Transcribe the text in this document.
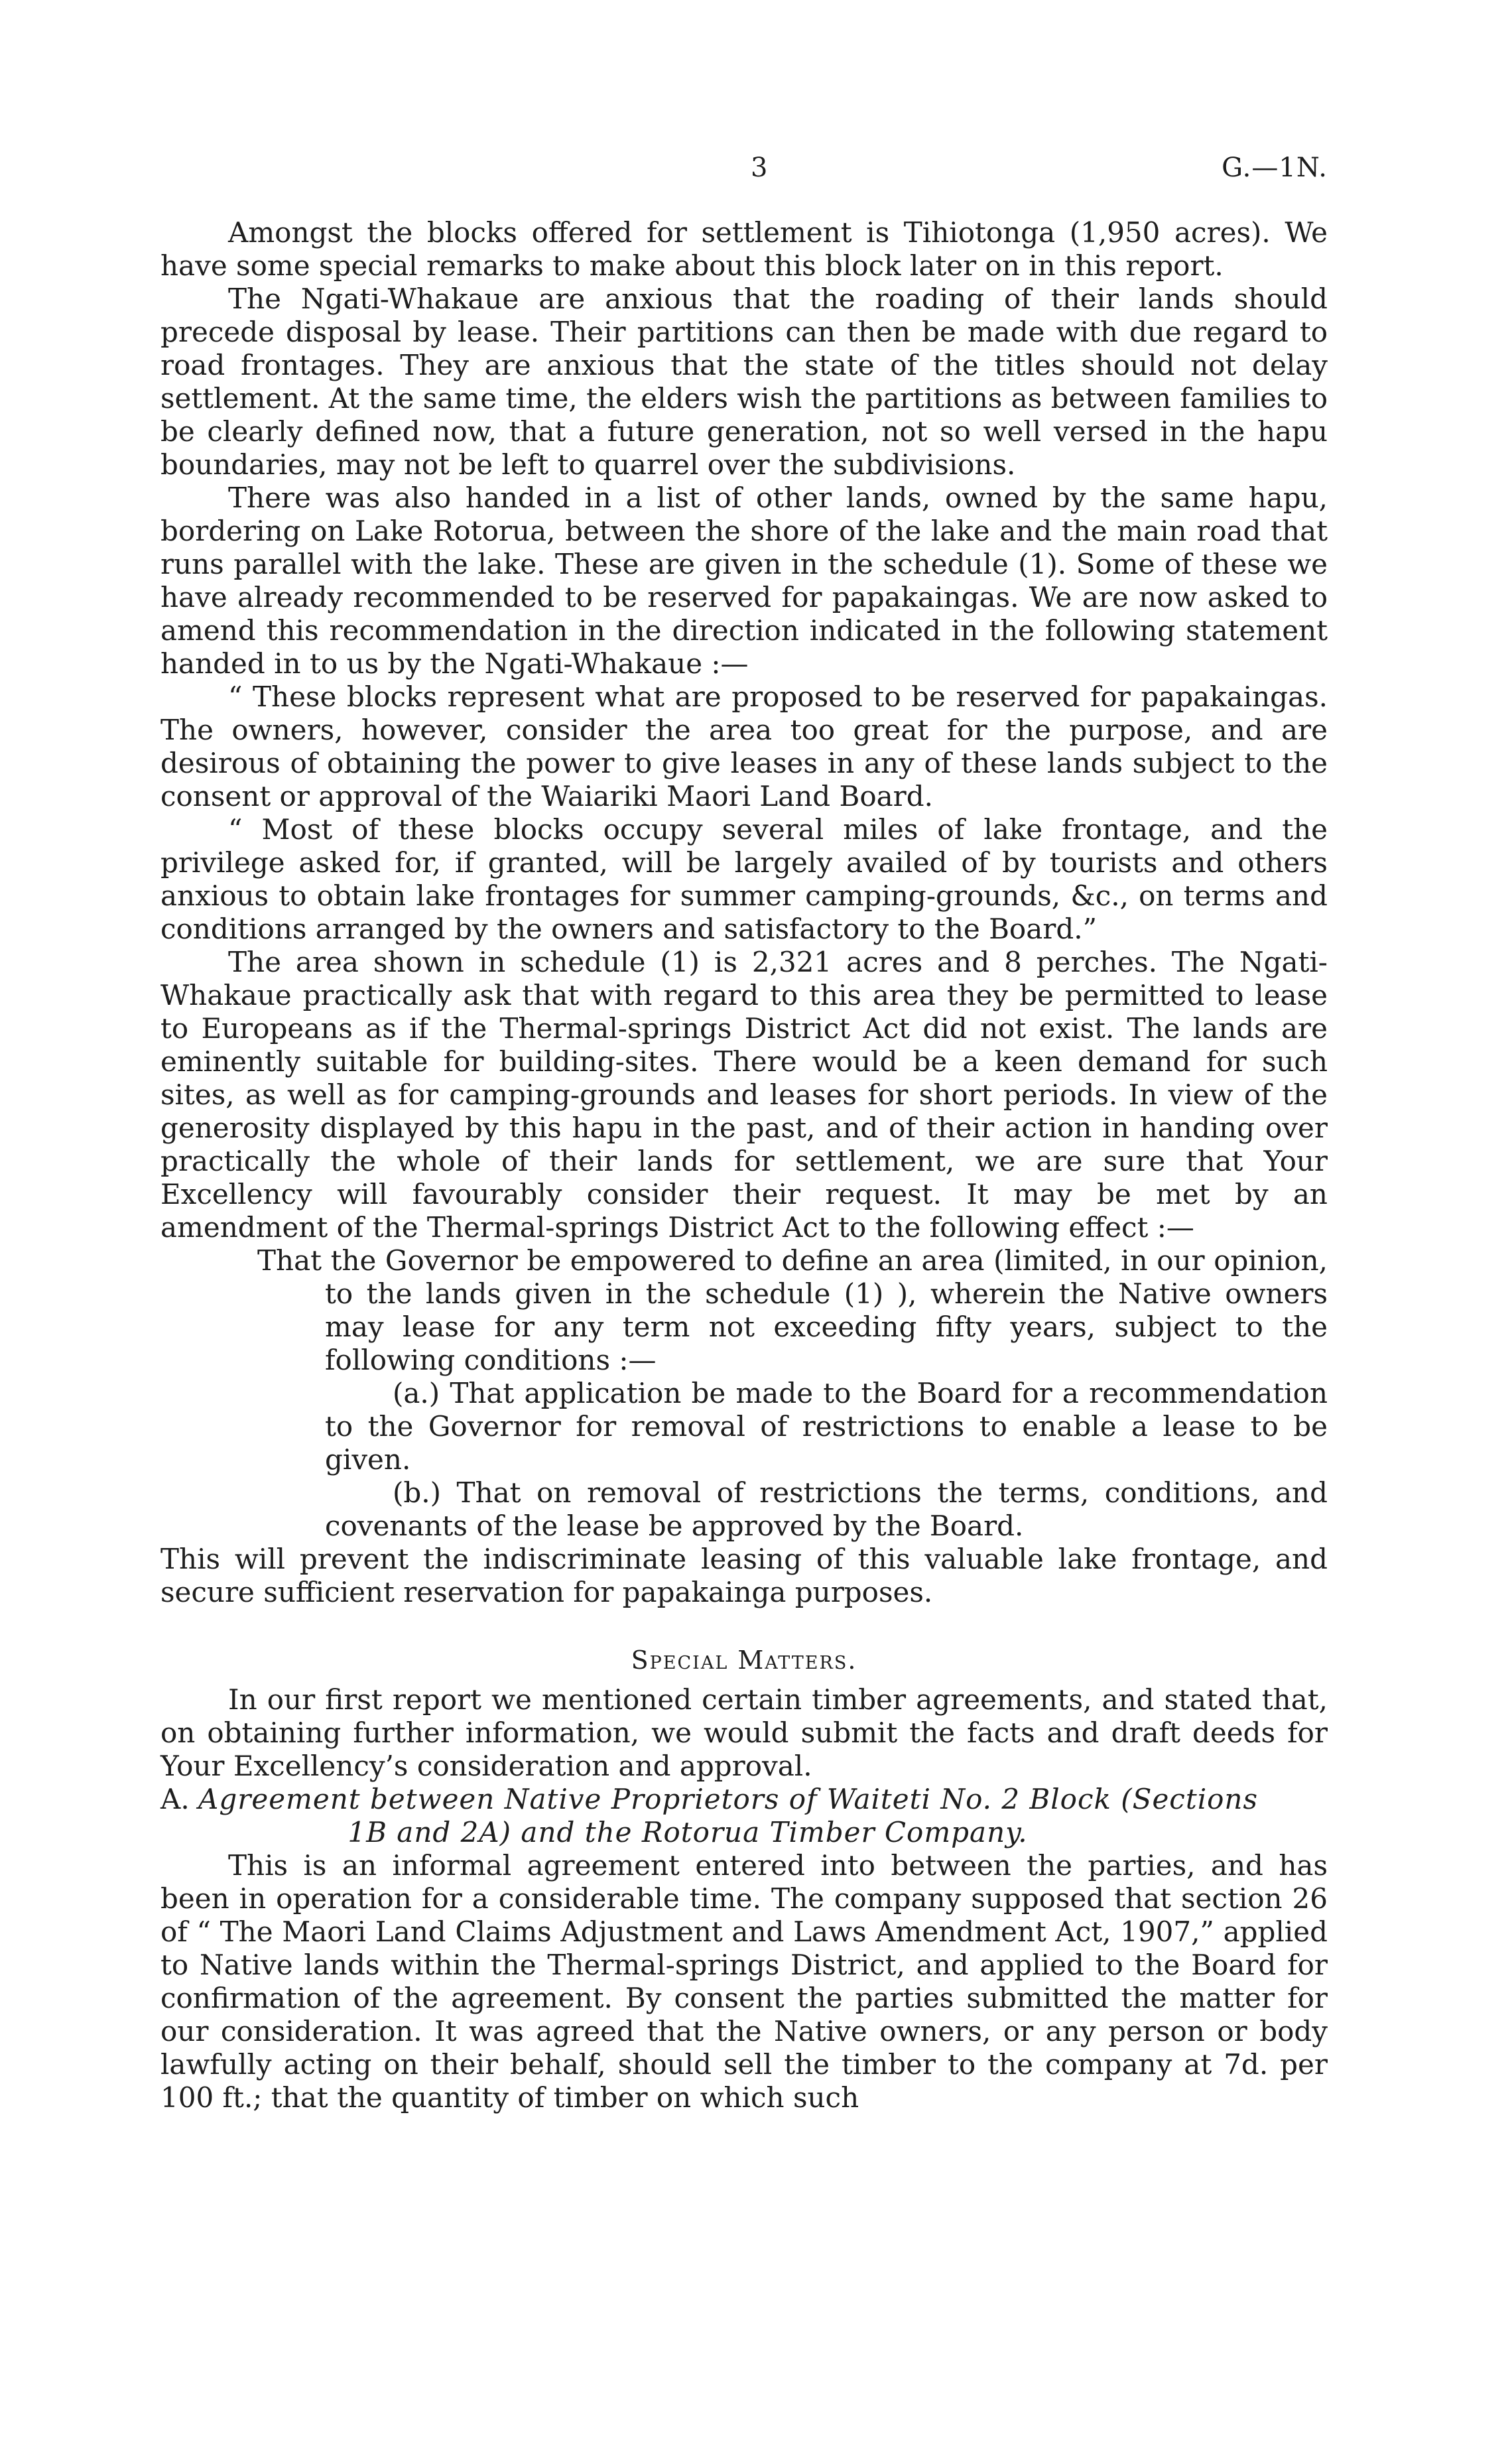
3	G.—1N.

Amongst the blocks offered for settlement is Tihiotonga (1,950 acres). We have some special remarks to make about this block later on in this report.

The Ngati-Whakaue are anxious that the roading of their lands should precede disposal by lease. Their partitions can then be made with due regard to road frontages. They are anxious that the state of the titles should not delay settlement. At the same time, the elders wish the partitions as between families to be clearly defined now, that a future generation, not so well versed in the hapu boundaries, may not be left to quarrel over the subdivisions.

There was also handed in a list of other lands, owned by the same hapu, bordering on Lake Rotorua, between the shore of the lake and the main road that runs parallel with the lake. These are given in the schedule (1). Some of these we have already recommended to be reserved for papakaingas. We are now asked to amend this recommendation in the direction indicated in the following statement handed in to us by the Ngati-Whakaue :—

“ These blocks represent what are proposed to be reserved for papakaingas. The owners, however, consider the area too great for the purpose, and are desirous of obtaining the power to give leases in any of these lands subject to the consent or approval of the Waiariki Maori Land Board.

“ Most of these blocks occupy several miles of lake frontage, and the privilege asked for, if granted, will be largely availed of by tourists and others anxious to obtain lake frontages for summer camping-grounds, &c., on terms and conditions arranged by the owners and satisfactory to the Board.”

The area shown in schedule (1) is 2,321 acres and 8 perches. The Ngati-Whakaue practically ask that with regard to this area they be permitted to lease to Europeans as if the Thermal-springs District Act did not exist. The lands are eminently suitable for building-sites. There would be a keen demand for such sites, as well as for camping-grounds and leases for short periods. In view of the generosity displayed by this hapu in the past, and of their action in handing over practically the whole of their lands for settlement, we are sure that Your Excellency will favourably consider their request. It may be met by an amendment of the Thermal-springs District Act to the following effect :—

That the Governor be empowered to define an area (limited, in our opinion, to the lands given in the schedule (1) ), wherein the Native owners may lease for any term not exceeding fifty years, subject to the following conditions :—

(a.) That application be made to the Board for a recommendation to the Governor for removal of restrictions to enable a lease to be given.

(b.) That on removal of restrictions the terms, conditions, and covenants of the lease be approved by the Board.

This will prevent the indiscriminate leasing of this valuable lake frontage, and secure sufficient reservation for papakainga purposes.

Special Matters.

In our first report we mentioned certain timber agreements, and stated that, on obtaining further information, we would submit the facts and draft deeds for Your Excellency’s consideration and approval.

A. Agreement between Native Proprietors of Waiteti No. 2 Block (Sections
1B and 2A) and the Rotorua Timber Company.

This is an informal agreement entered into between the parties, and has been in operation for a considerable time. The company supposed that section 26 of “ The Maori Land Claims Adjustment and Laws Amendment Act, 1907,” applied to Native lands within the Thermal-springs District, and applied to the Board for confirmation of the agreement. By consent the parties submitted the matter for our consideration. It was agreed that the Native owners, or any person or body lawfully acting on their behalf, should sell the timber to the company at 7d. per 100 ft.; that the quantity of timber on which such
